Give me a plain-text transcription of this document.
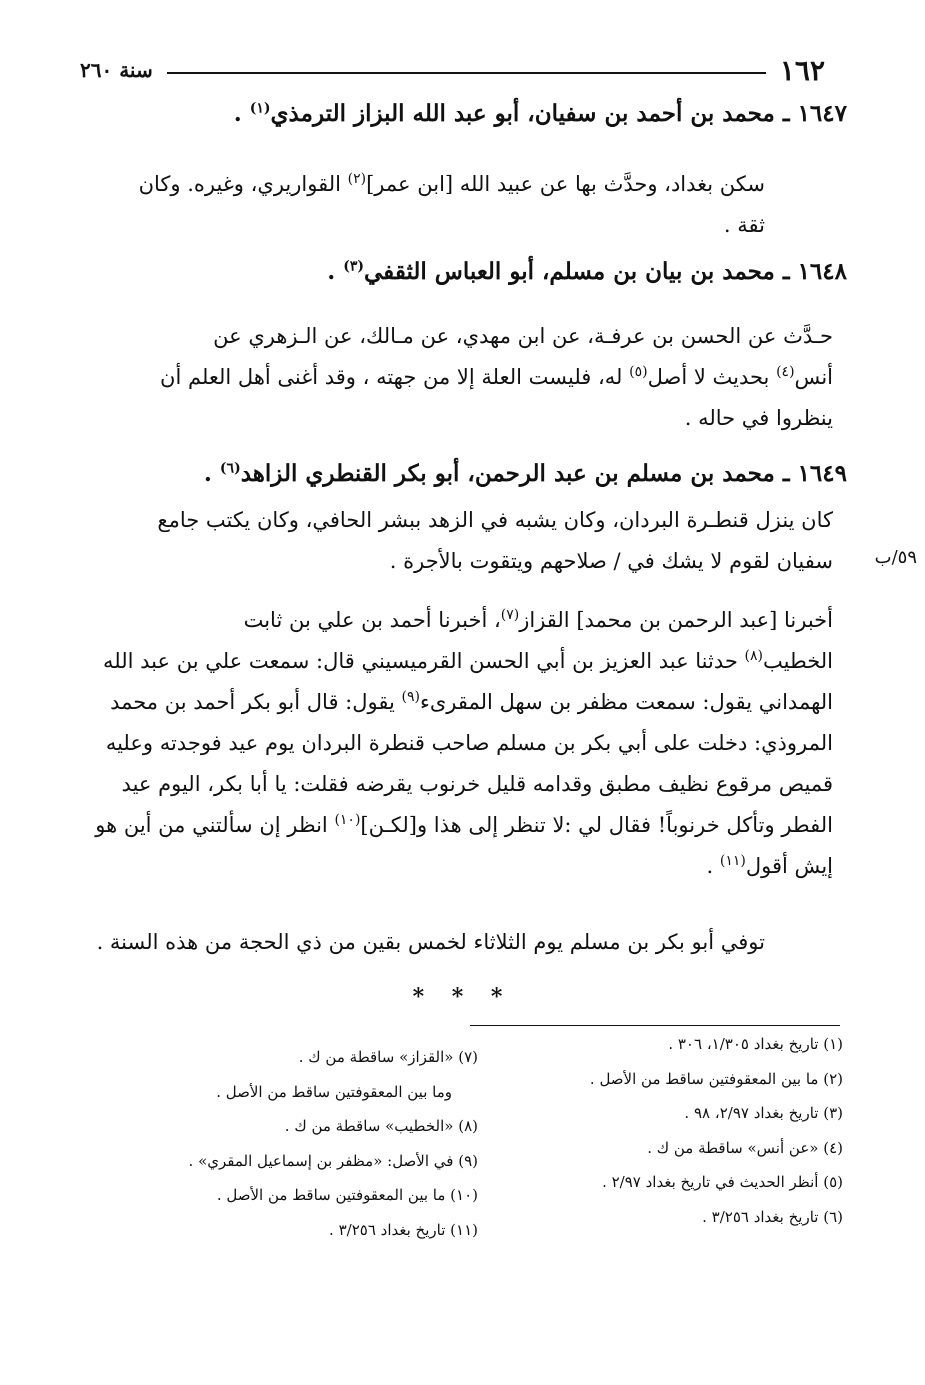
١٦٢
سنة ٢٦٠
١٦٤٧ ـ محمد بن أحمد بن سفيان، أبو عبد الله البزاز الترمذي$^{(١)}$ .
سكن بغداد، وحدَّث بها عن عبيد الله [ابن عمر]$^{(٢)}$ القواريري، وغيره. وكان
ثقة .
١٦٤٨ ـ محمد بن بيان بن مسلم، أبو العباس الثقفي$^{(٣)}$ .
حـدَّث عن الحسن بن عرفـة، عن ابن مهدي، عن مـالك، عن الـزهري عن
أنس$^{(٤)}$ بحديث لا أصل$^{(٥)}$ له، فليست العلة إلا من جهته ، وقد أغنى أهل العلم أن
ينظروا في حاله .
١٦٤٩ ـ محمد بن مسلم بن عبد الرحمن، أبو بكر القنطري الزاهد$^{(٦)}$ .
كان ينزل قنطـرة البردان، وكان يشبه في الزهد ببشر الحافي، وكان يكتب جامع
سفيان لقوم لا يشك في / صلاحهم ويتقوت بالأجرة . ٥٩/ب
أخبرنا [عبد الرحمن بن محمد] القزاز$^{(٧)}$، أخبرنا أحمد بن علي بن ثابت
الخطيب$^{(٨)}$ حدثنا عبد العزيز بن أبي الحسن القرميسيني قال: سمعت علي بن عبد الله
الهمداني يقول: سمعت مظفر بن سهل المقرىء$^{(٩)}$ يقول: قال أبو بكر أحمد بن محمد
المروذي: دخلت على أبي بكر بن مسلم صاحب قنطرة البردان يوم عيد فوجدته وعليه
قميص مرقوع نظيف مطبق وقدامه قليل خرنوب يقرضه فقلت: يا أبا بكر، اليوم عيد
الفطر وتأكل خرنوباً! فقال لي :لا تنظر إلى هذا و[لكـن]$^{(١٠)}$ انظر إن سألتني من أين هو
إيش أقول$^{(١١)}$ .
توفي أبو بكر بن مسلم يوم الثلاثاء لخمس بقين من ذي الحجة من هذه السنة .
* * *
(١) تاريخ بغداد ١/٣٠٥، ٣٠٦ .
(٢) ما بين المعقوفتين ساقط من الأصل .
(٣) تاريخ بغداد ٢/٩٧، ٩٨ .
(٤) «عن أنس» ساقطة من ك .
(٥) أنظر الحديث في تاريخ بغداد ٢/٩٧ .
(٦) تاريخ بغداد ٣/٢٥٦ .
(٧) «القزاز» ساقطة من ك .
وما بين المعقوفتين ساقط من الأصل .
(٨) «الخطيب» ساقطة من ك .
(٩) في الأصل: «مظفر بن إسماعيل المقري» .
(١٠) ما بين المعقوفتين ساقط من الأصل .
(١١) تاريخ بغداد ٣/٢٥٦ .
